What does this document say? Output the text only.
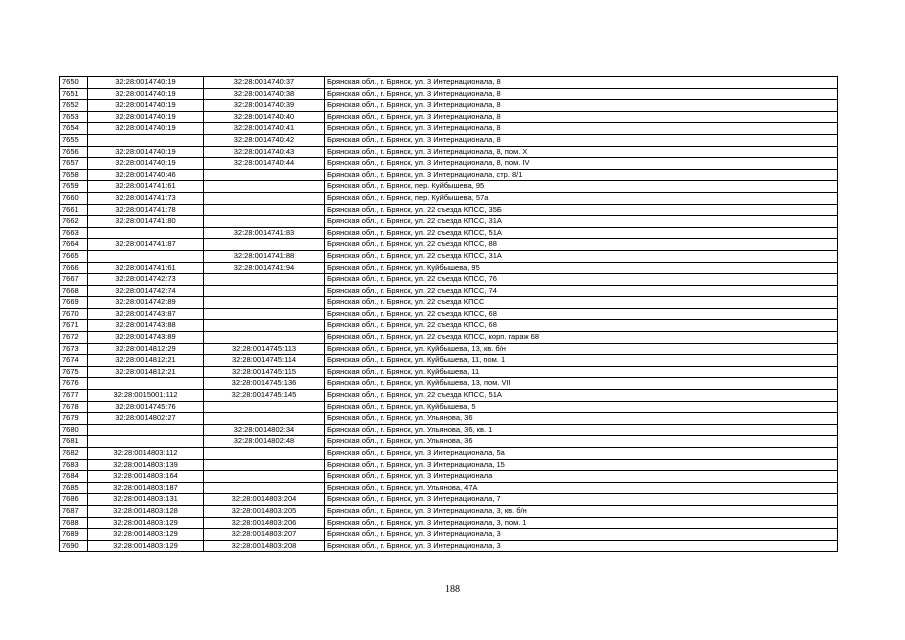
7650	32:28:0014740:19	32:28:0014740:37	Брянская обл., г. Брянск, ул. 3 Интернационала, 8
7651	32:28:0014740:19	32:28:0014740:38	Брянская обл., г. Брянск, ул. 3 Интернационала, 8
7652	32:28:0014740:19	32:28:0014740:39	Брянская обл., г. Брянск, ул. 3 Интернационала, 8
7653	32:28:0014740:19	32:28:0014740:40	Брянская обл., г. Брянск, ул. 3 Интернационала, 8
7654	32:28:0014740:19	32:28:0014740:41	Брянская обл., г. Брянск, ул. 3 Интернационала, 8
7655		32:28:0014740:42	Брянская обл., г. Брянск, ул. 3 Интернационала, 8
7656	32:28:0014740:19	32:28:0014740:43	Брянская обл., г. Брянск, ул. 3 Интернационала, 8, пом. X
7657	32:28:0014740:19	32:28:0014740:44	Брянская обл., г. Брянск, ул. 3 Интернационала, 8, пом. IV
7658	32:28:0014740:46		Брянская обл., г. Брянск, ул. 3 Интернационала, стр. 8/1
7659	32:28:0014741:61		Брянская обл., г. Брянск, пер. Куйбышева, 95
7660	32:28:0014741:73		Брянская обл., г. Брянск, пер. Куйбышева, 57а
7661	32:28:0014741:78		Брянская обл., г. Брянск, ул. 22 съезда КПСС, 35Б
7662	32:28:0014741:80		Брянская обл., г. Брянск, ул. 22 съезда КПСС, 31А
7663		32:28:0014741:83	Брянская обл., г. Брянск, ул. 22 съезда КПСС, 51А
7664	32:28:0014741:87		Брянская обл., г. Брянск, ул. 22 съезда КПСС, 88
7665		32:28:0014741:88	Брянская обл., г. Брянск, ул. 22 съезда КПСС, 31А
7666	32:28:0014741:61	32:28:0014741:94	Брянская обл., г. Брянск, ул. Куйбышева, 95
7667	32:28:0014742:73		Брянская обл., г. Брянск, ул. 22 съезда КПСС, 76
7668	32:28:0014742:74		Брянская обл., г. Брянск, ул. 22 съезда КПСС, 74
7669	32:28:0014742:89		Брянская обл., г. Брянск, ул. 22 съезда КПСС
7670	32:28:0014743:87		Брянская обл., г. Брянск, ул. 22 съезда КПСС, 68
7671	32:28:0014743:88		Брянская обл., г. Брянск, ул. 22 съезда КПСС, 68
7672	32:28:0014743:89		Брянская обл., г. Брянск, ул. 22 съезда КПСС, корп. гараж 68
7673	32:28:0014812:29	32:28:0014745:113	Брянская обл., г. Брянск, ул. Куйбышева, 13, кв. б/н
7674	32:28:0014812:21	32:28:0014745:114	Брянская обл., г. Брянск, ул. Куйбышева, 11, пом. 1
7675	32:28:0014812:21	32:28:0014745:115	Брянская обл., г. Брянск, ул. Куйбышева, 11
7676		32:28:0014745:136	Брянская обл., г. Брянск, ул. Куйбышева, 13, пом. VII
7677	32:28:0015001:112	32:28:0014745:145	Брянская обл., г. Брянск, ул. 22 съезда КПСС, 51А
7678	32:28:0014745:76		Брянская обл., г. Брянск, ул. Куйбышева, 5
7679	32:28:0014802:27		Брянская обл., г. Брянск, ул. Ульянова, 36
7680		32:28:0014802:34	Брянская обл., г. Брянск, ул. Ульянова, 36, кв. 1
7681		32:28:0014802:48	Брянская обл., г. Брянск, ул. Ульянова, 36
7682	32:28:0014803:112		Брянская обл., г. Брянск, ул. 3 Интернационала, 5а
7683	32:28:0014803:139		Брянская обл., г. Брянск, ул. 3 Интернационала, 15
7684	32:28:0014803:164		Брянская обл., г. Брянск, ул. 3 Интернационала
7685	32:28:0014803:187		Брянская обл., г. Брянск, ул. Ульянова, 47А
7686	32:28:0014803:131	32:28:0014803:204	Брянская обл., г. Брянск, ул. 3 Интернационала, 7
7687	32:28:0014803:128	32:28:0014803:205	Брянская обл., г. Брянск, ул. 3 Интернационала, 3, кв. б/н
7688	32:28:0014803:129	32:28:0014803:206	Брянская обл., г. Брянск, ул. 3 Интернационала, 3, пом. 1
7689	32:28:0014803:129	32:28:0014803:207	Брянская обл., г. Брянск, ул. 3 Интернационала, 3
7690	32:28:0014803:129	32:28:0014803:208	Брянская обл., г. Брянск, ул. 3 Интернационала, 3
188
